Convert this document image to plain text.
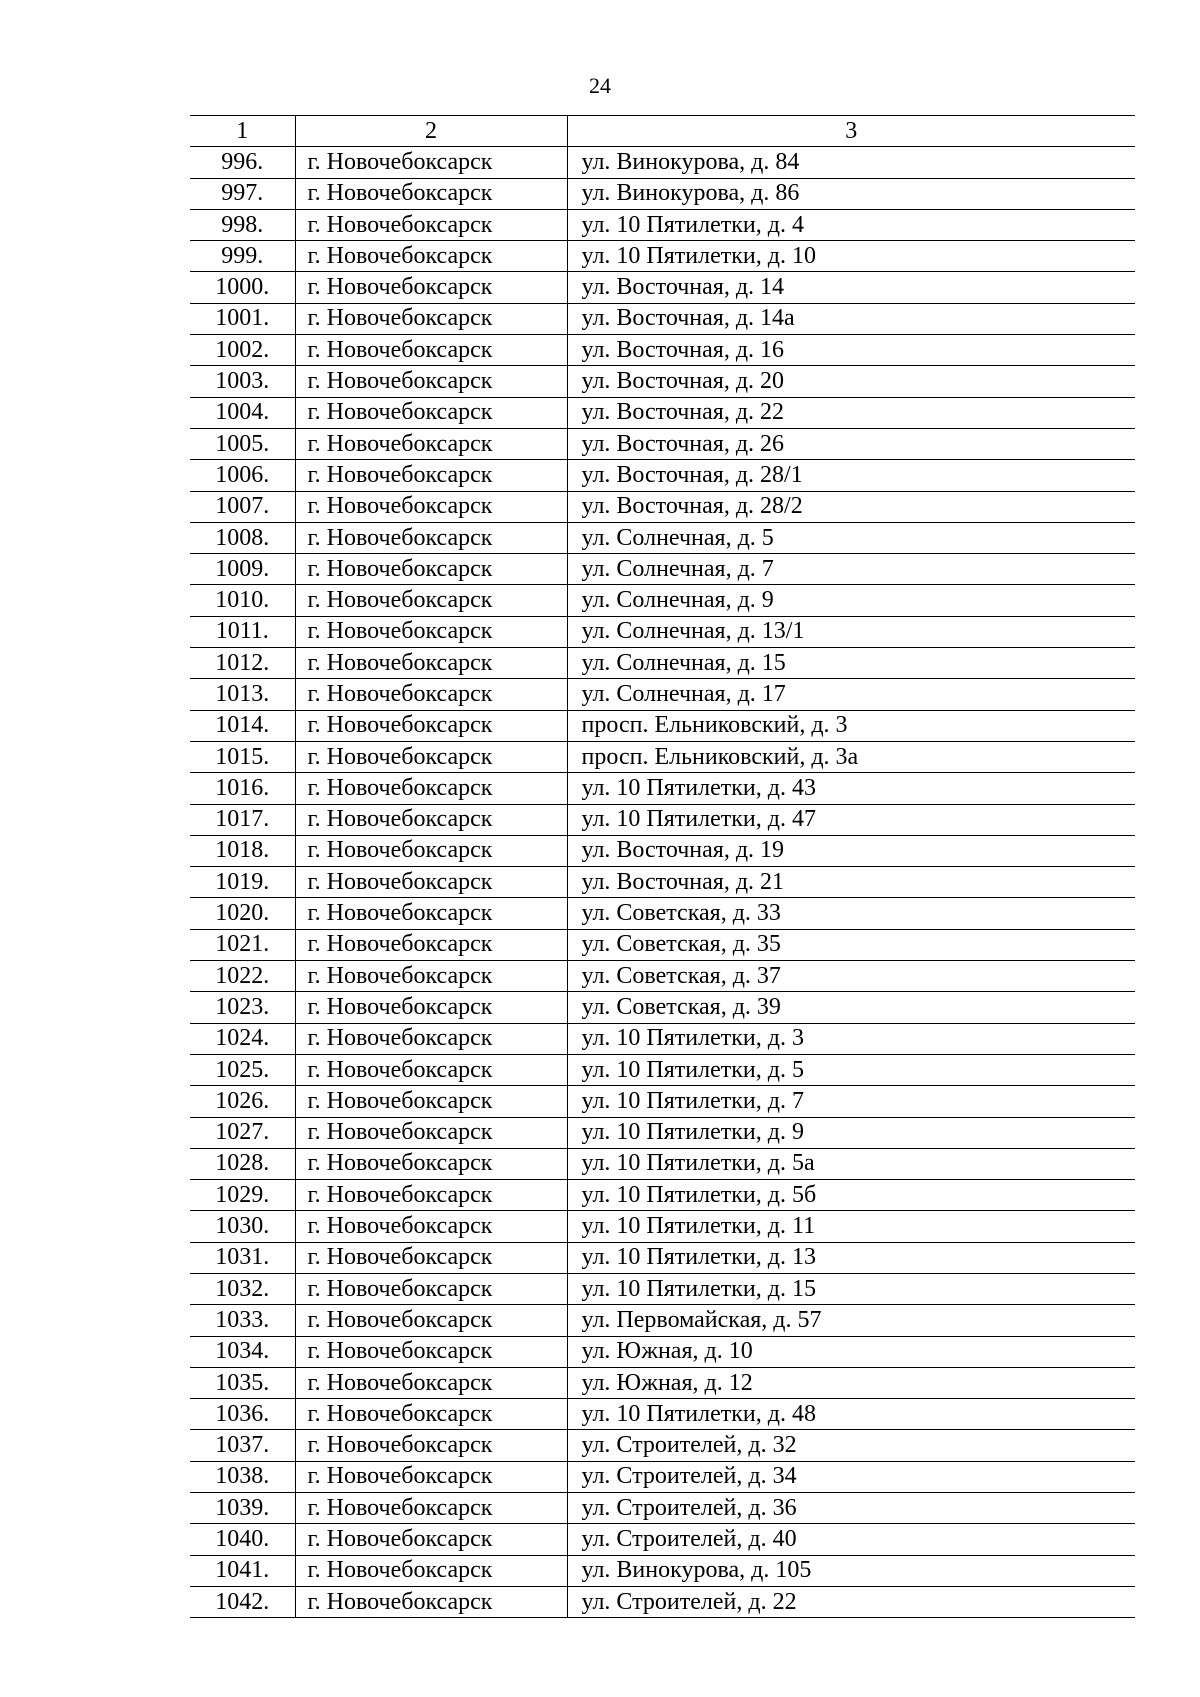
24
1	2	3
996.	г. Новочебоксарск	ул. Винокурова, д. 84
997.	г. Новочебоксарск	ул. Винокурова, д. 86
998.	г. Новочебоксарск	ул. 10 Пятилетки, д. 4
999.	г. Новочебоксарск	ул. 10 Пятилетки, д. 10
1000.	г. Новочебоксарск	ул. Восточная, д. 14
1001.	г. Новочебоксарск	ул. Восточная, д. 14а
1002.	г. Новочебоксарск	ул. Восточная, д. 16
1003.	г. Новочебоксарск	ул. Восточная, д. 20
1004.	г. Новочебоксарск	ул. Восточная, д. 22
1005.	г. Новочебоксарск	ул. Восточная, д. 26
1006.	г. Новочебоксарск	ул. Восточная, д. 28/1
1007.	г. Новочебоксарск	ул. Восточная, д. 28/2
1008.	г. Новочебоксарск	ул. Солнечная, д. 5
1009.	г. Новочебоксарск	ул. Солнечная, д. 7
1010.	г. Новочебоксарск	ул. Солнечная, д. 9
1011.	г. Новочебоксарск	ул. Солнечная, д. 13/1
1012.	г. Новочебоксарск	ул. Солнечная, д. 15
1013.	г. Новочебоксарск	ул. Солнечная, д. 17
1014.	г. Новочебоксарск	просп. Ельниковский, д. 3
1015.	г. Новочебоксарск	просп. Ельниковский, д. 3а
1016.	г. Новочебоксарск	ул. 10 Пятилетки, д. 43
1017.	г. Новочебоксарск	ул. 10 Пятилетки, д. 47
1018.	г. Новочебоксарск	ул. Восточная, д. 19
1019.	г. Новочебоксарск	ул. Восточная, д. 21
1020.	г. Новочебоксарск	ул. Советская, д. 33
1021.	г. Новочебоксарск	ул. Советская, д. 35
1022.	г. Новочебоксарск	ул. Советская, д. 37
1023.	г. Новочебоксарск	ул. Советская, д. 39
1024.	г. Новочебоксарск	ул. 10 Пятилетки, д. 3
1025.	г. Новочебоксарск	ул. 10 Пятилетки, д. 5
1026.	г. Новочебоксарск	ул. 10 Пятилетки, д. 7
1027.	г. Новочебоксарск	ул. 10 Пятилетки, д. 9
1028.	г. Новочебоксарск	ул. 10 Пятилетки, д. 5а
1029.	г. Новочебоксарск	ул. 10 Пятилетки, д. 5б
1030.	г. Новочебоксарск	ул. 10 Пятилетки, д. 11
1031.	г. Новочебоксарск	ул. 10 Пятилетки, д. 13
1032.	г. Новочебоксарск	ул. 10 Пятилетки, д. 15
1033.	г. Новочебоксарск	ул. Первомайская, д. 57
1034.	г. Новочебоксарск	ул. Южная, д. 10
1035.	г. Новочебоксарск	ул. Южная, д. 12
1036.	г. Новочебоксарск	ул. 10 Пятилетки, д. 48
1037.	г. Новочебоксарск	ул. Строителей, д. 32
1038.	г. Новочебоксарск	ул. Строителей, д. 34
1039.	г. Новочебоксарск	ул. Строителей, д. 36
1040.	г. Новочебоксарск	ул. Строителей, д. 40
1041.	г. Новочебоксарск	ул. Винокурова, д. 105
1042.	г. Новочебоксарск	ул. Строителей, д. 22
